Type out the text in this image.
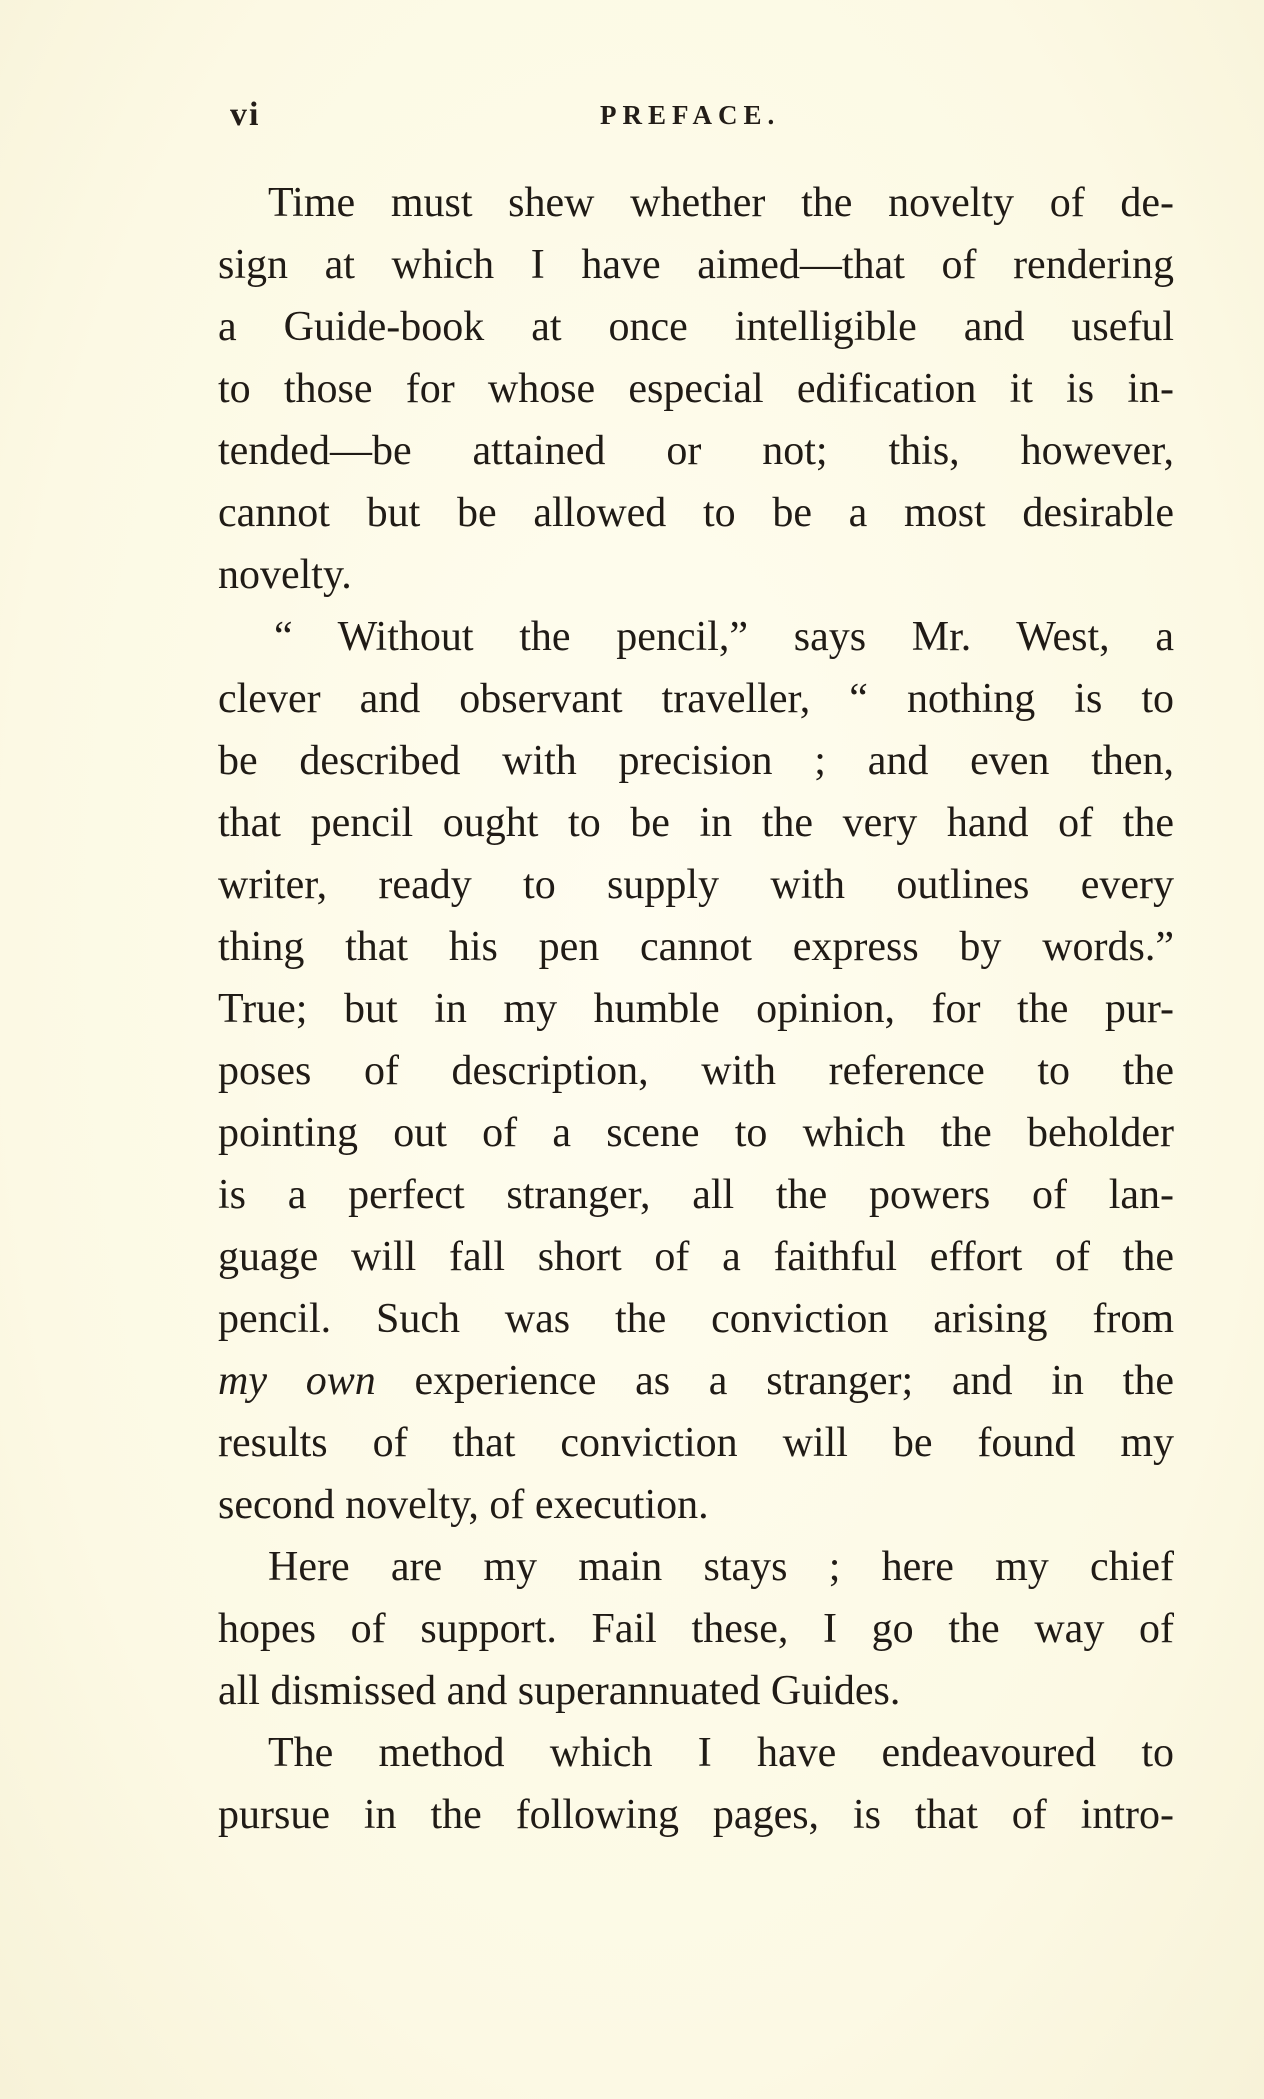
vi	PREFACE.
Time must shew whether the novelty of de-
sign at which I have aimed—that of rendering
a Guide-book at once intelligible and useful
to those for whose especial edification it is in-
tended—be attained or not; this, however,
cannot but be allowed to be a most desirable
novelty.
“ Without the pencil,” says Mr. West, a
clever and observant traveller, “ nothing is to
be described with precision ; and even then,
that pencil ought to be in the very hand of the
writer, ready to supply with outlines every
thing that his pen cannot express by words.”
True; but in my humble opinion, for the pur-
poses of description, with reference to the
pointing out of a scene to which the beholder
is a perfect stranger, all the powers of lan-
guage will fall short of a faithful effort of the
pencil. Such was the conviction arising from
my own experience as a stranger; and in the
results of that conviction will be found my
second novelty, of execution.
Here are my main stays ; here my chief
hopes of support. Fail these, I go the way of
all dismissed and superannuated Guides.
The method which I have endeavoured to
pursue in the following pages, is that of intro-
